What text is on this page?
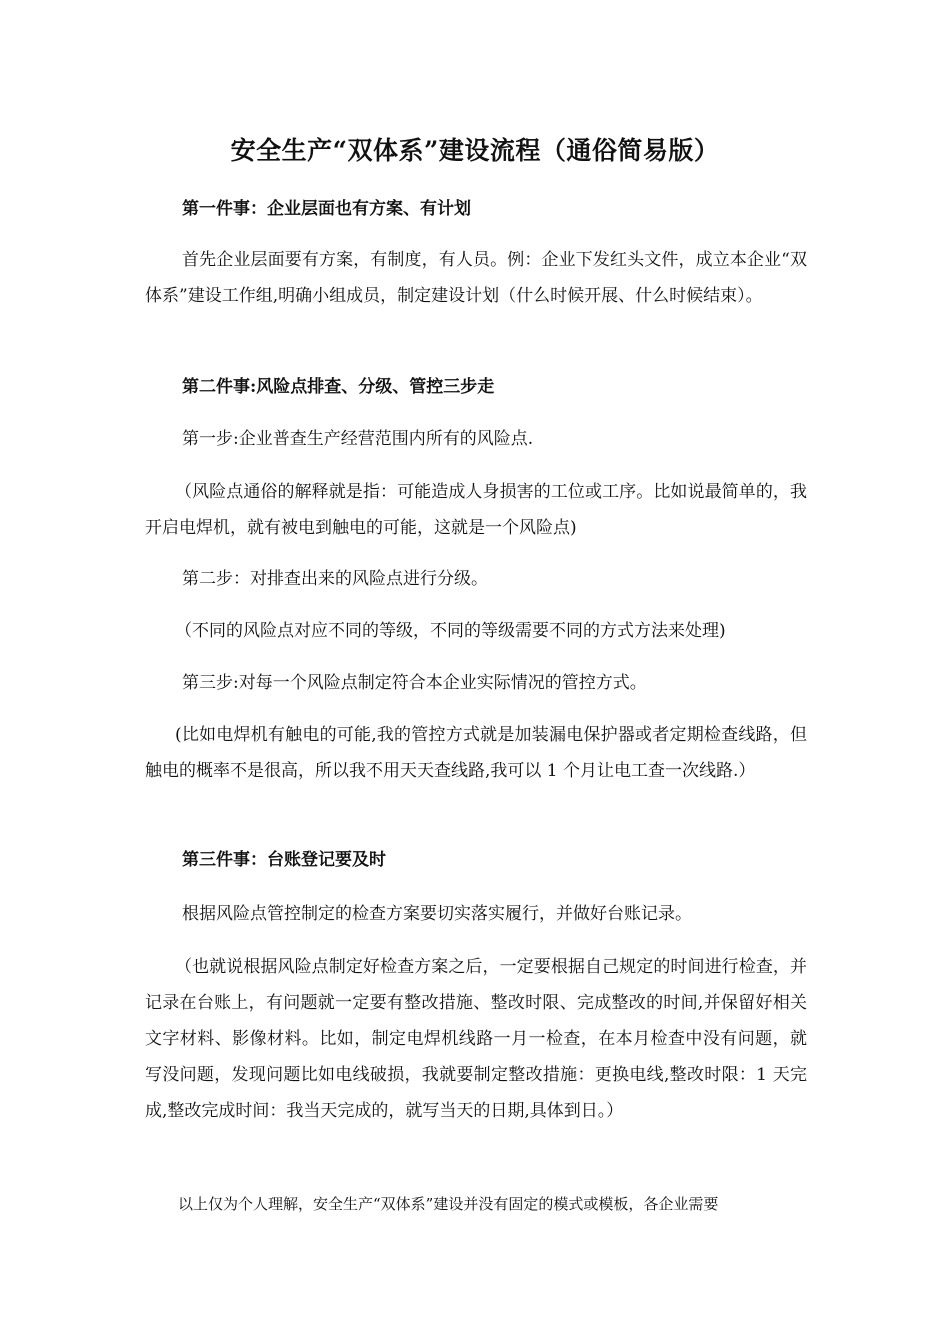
安全生产“双体系”建设流程（通俗简易版）
第一件事：企业层面也有方案、有计划
首先企业层面要有方案，有制度，有人员。例：企业下发红头文件，成立本企业“双体系”建设工作组,明确小组成员，制定建设计划（什么时候开展、什么时候结束）。
第二件事:风险点排查、分级、管控三步走
第一步:企业普查生产经营范围内所有的风险点.
（风险点通俗的解释就是指：可能造成人身损害的工位或工序。比如说最简单的，我开启电焊机，就有被电到触电的可能，这就是一个风险点)
第二步：对排查出来的风险点进行分级。
（不同的风险点对应不同的等级，不同的等级需要不同的方式方法来处理)
第三步:对每一个风险点制定符合本企业实际情况的管控方式。
(比如电焊机有触电的可能,我的管控方式就是加装漏电保护器或者定期检查线路，但触电的概率不是很高，所以我不用天天查线路,我可以 1 个月让电工查一次线路.）
第三件事：台账登记要及时
根据风险点管控制定的检查方案要切实落实履行，并做好台账记录。
（也就说根据风险点制定好检查方案之后，一定要根据自己规定的时间进行检查，并记录在台账上，有问题就一定要有整改措施、整改时限、完成整改的时间,并保留好相关文字材料、影像材料。比如，制定电焊机线路一月一检查，在本月检查中没有问题，就写没问题，发现问题比如电线破损，我就要制定整改措施：更换电线,整改时限：1 天完成,整改完成时间：我当天完成的，就写当天的日期,具体到日。）
以上仅为个人理解，安全生产“双体系”建设并没有固定的模式或模板，各企业需要
